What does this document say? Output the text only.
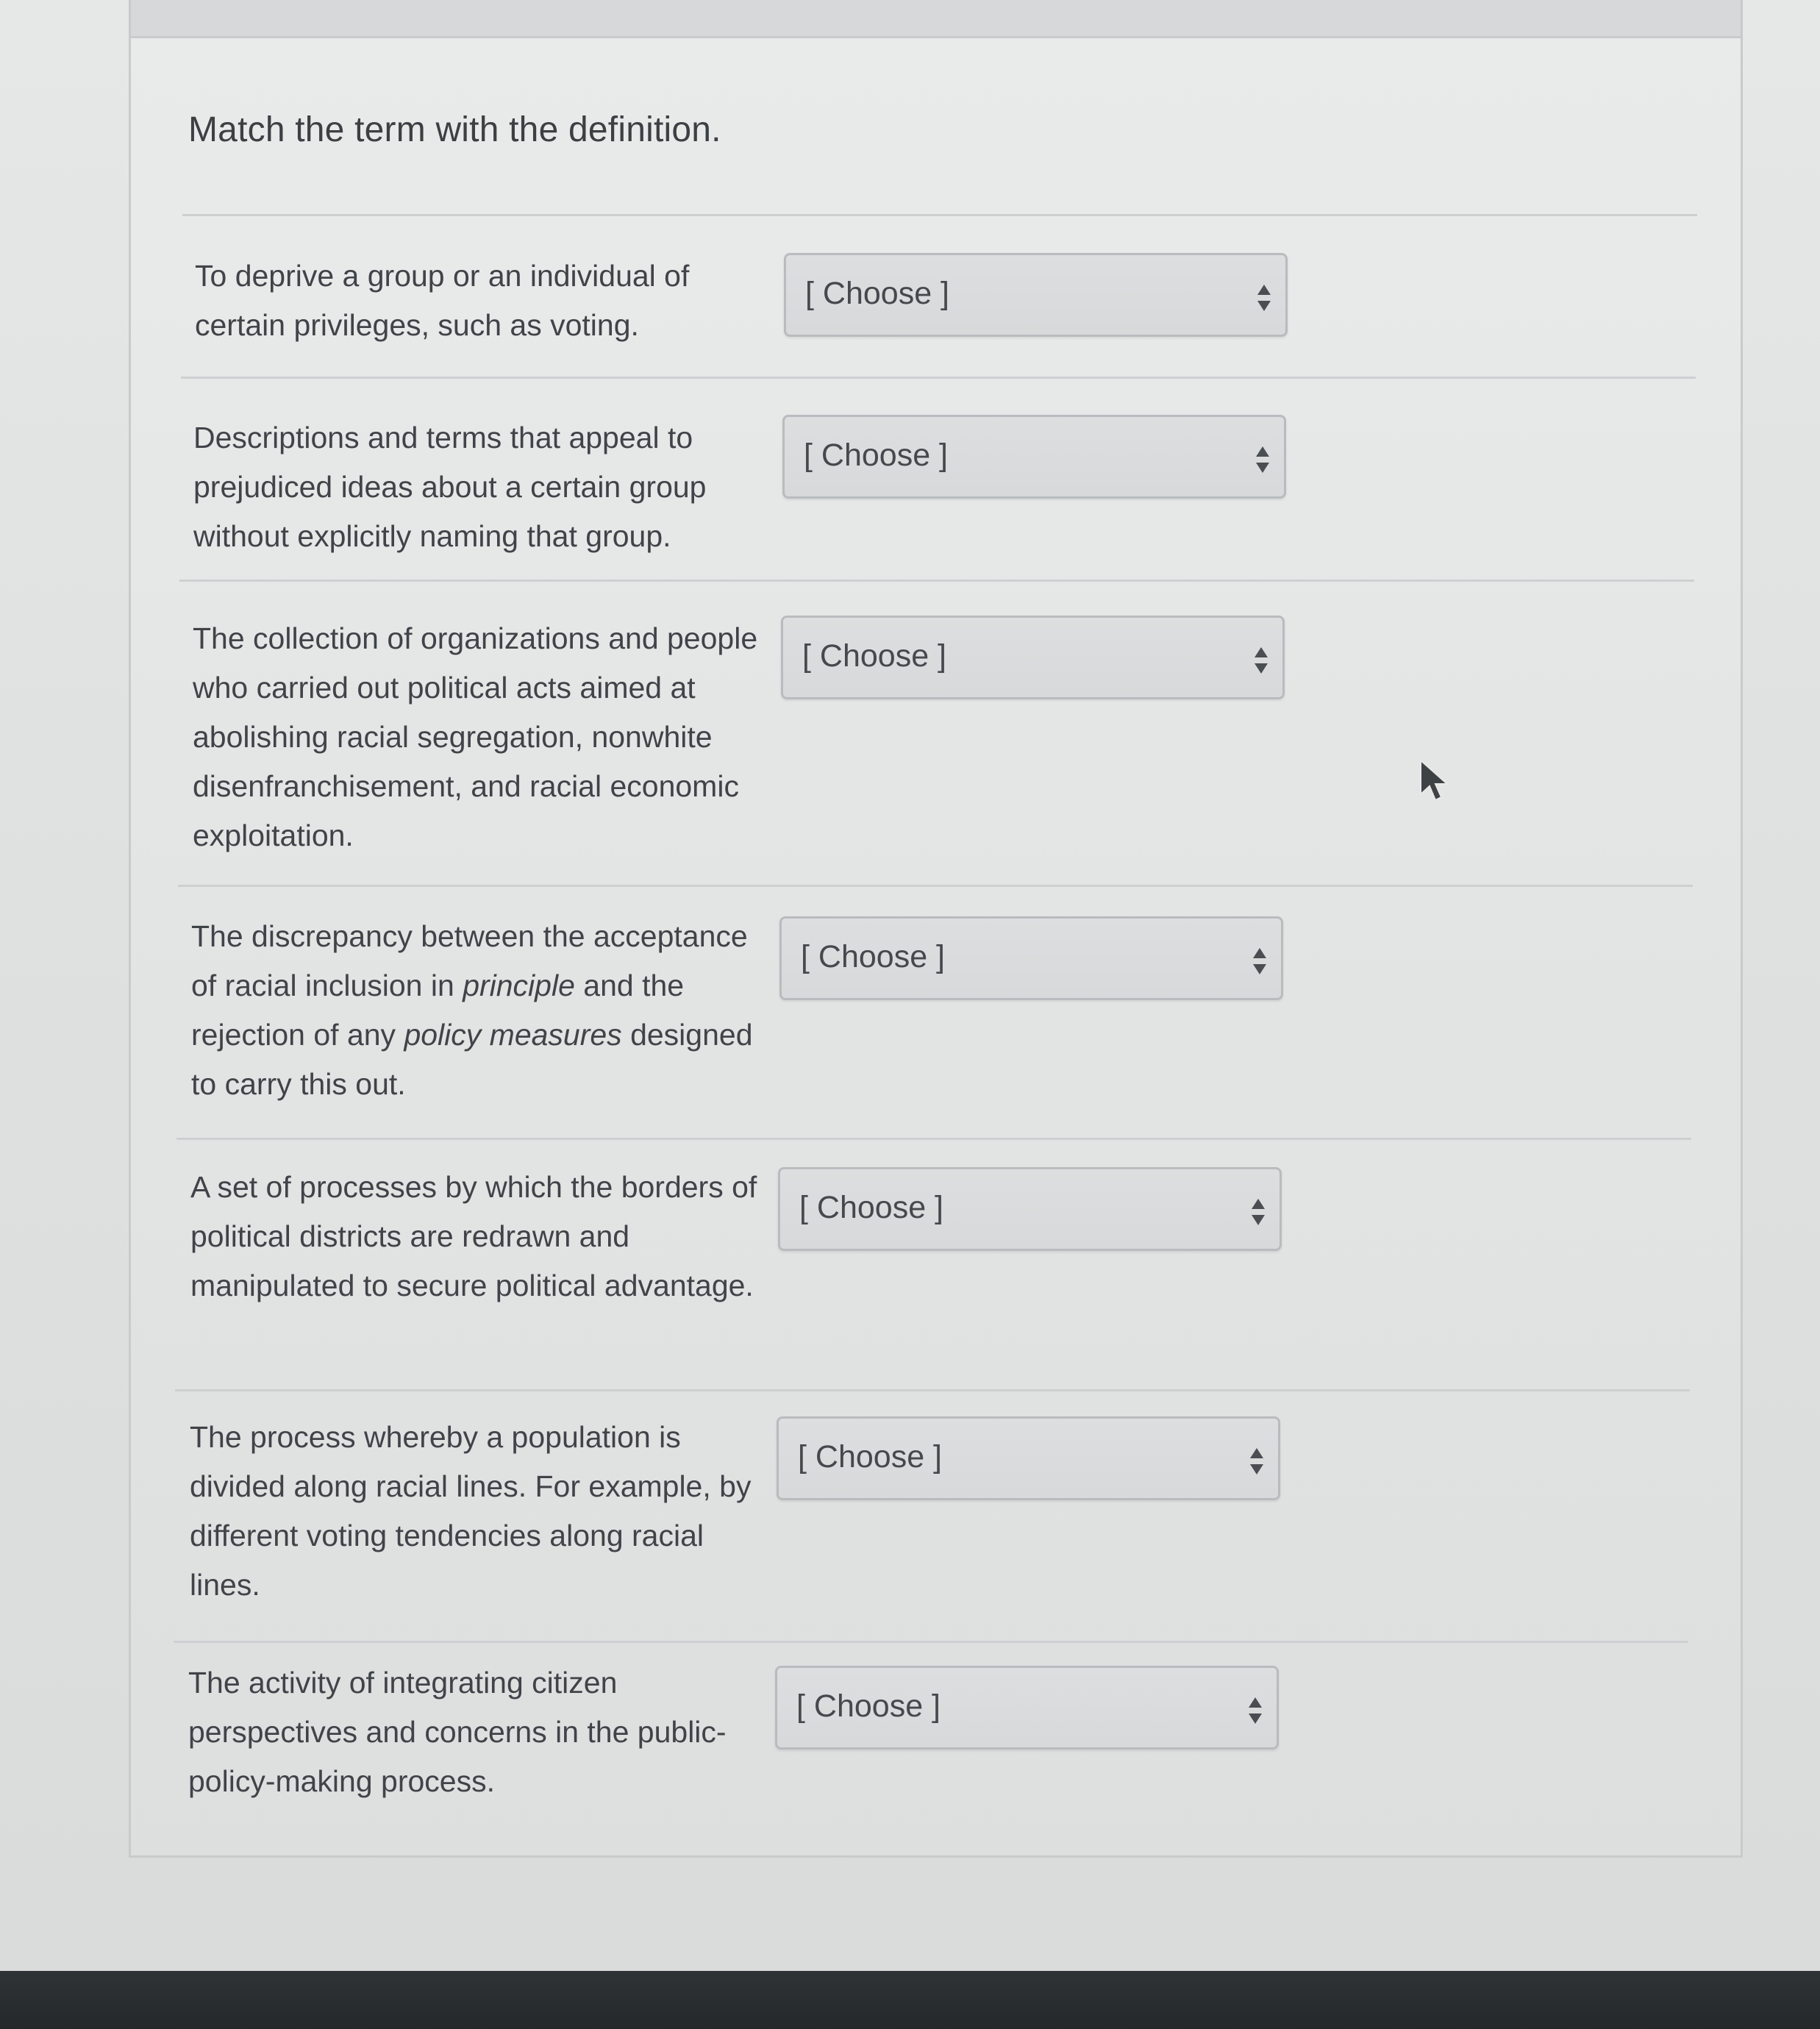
Match the term with the definition.
To deprive a group or an individual of certain privileges, such as voting.
[ Choose ]
Descriptions and terms that appeal to prejudiced ideas about a certain group without explicitly naming that group.
[ Choose ]
The collection of organizations and people who carried out political acts aimed at abolishing racial segregation, nonwhite disenfranchisement, and racial economic exploitation.
[ Choose ]
The discrepancy between the acceptance of racial inclusion in principle and the rejection of any policy measures designed to carry this out.
[ Choose ]
A set of processes by which the borders of political districts are redrawn and manipulated to secure political advantage.
[ Choose ]
The process whereby a population is divided along racial lines. For example, by different voting tendencies along racial lines.
[ Choose ]
The activity of integrating citizen perspectives and concerns in the public-policy-making process.
[ Choose ]
